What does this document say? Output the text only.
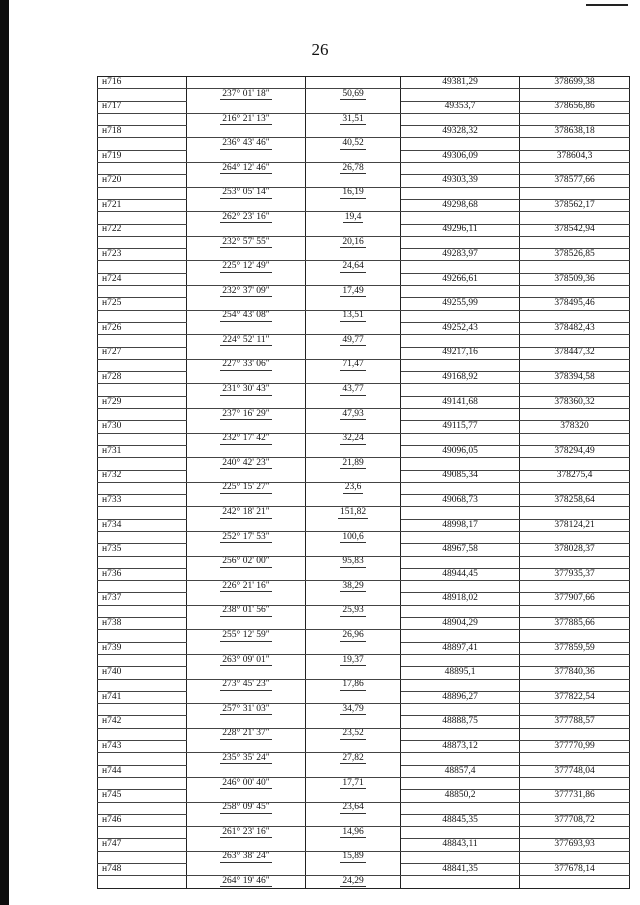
26
н716			49381,29	378699,38
	237° 01' 18"	50,69		
н717			49353,7	378656,86
	216° 21' 13"	31,51		
н718			49328,32	378638,18
	236° 43' 46"	40,52		
н719			49306,09	378604,3
	264° 12' 46"	26,78		
н720			49303,39	378577,66
	253° 05' 14"	16,19		
н721			49298,68	378562,17
	262° 23' 16"	19,4		
н722			49296,11	378542,94
	232° 57' 55"	20,16		
н723			49283,97	378526,85
	225° 12' 49"	24,64		
н724			49266,61	378509,36
	232° 37' 09"	17,49		
н725			49255,99	378495,46
	254° 43' 08"	13,51		
н726			49252,43	378482,43
	224° 52' 11"	49,77		
н727			49217,16	378447,32
	227° 33' 06"	71,47		
н728			49168,92	378394,58
	231° 30' 43"	43,77		
н729			49141,68	378360,32
	237° 16' 29"	47,93		
н730			49115,77	378320
	232° 17' 42"	32,24		
н731			49096,05	378294,49
	240° 42' 23"	21,89		
н732			49085,34	378275,4
	225° 15' 27"	23,6		
н733			49068,73	378258,64
	242° 18' 21"	151,82		
н734			48998,17	378124,21
	252° 17' 53"	100,6		
н735			48967,58	378028,37
	256° 02' 00"	95,83		
н736			48944,45	377935,37
	226° 21' 16"	38,29		
н737			48918,02	377907,66
	238° 01' 56"	25,93		
н738			48904,29	377885,66
	255° 12' 59"	26,96		
н739			48897,41	377859,59
	263° 09' 01"	19,37		
н740			48895,1	377840,36
	273° 45' 23"	17,86		
н741			48896,27	377822,54
	257° 31' 03"	34,79		
н742			48888,75	377788,57
	228° 21' 37"	23,52		
н743			48873,12	377770,99
	235° 35' 24"	27,82		
н744			48857,4	377748,04
	246° 00' 40"	17,71		
н745			48850,2	377731,86
	258° 09' 45"	23,64		
н746			48845,35	377708,72
	261° 23' 16"	14,96		
н747			48843,11	377693,93
	263° 38' 24"	15,89		
н748			48841,35	377678,14
	264° 19' 46"	24,29		
